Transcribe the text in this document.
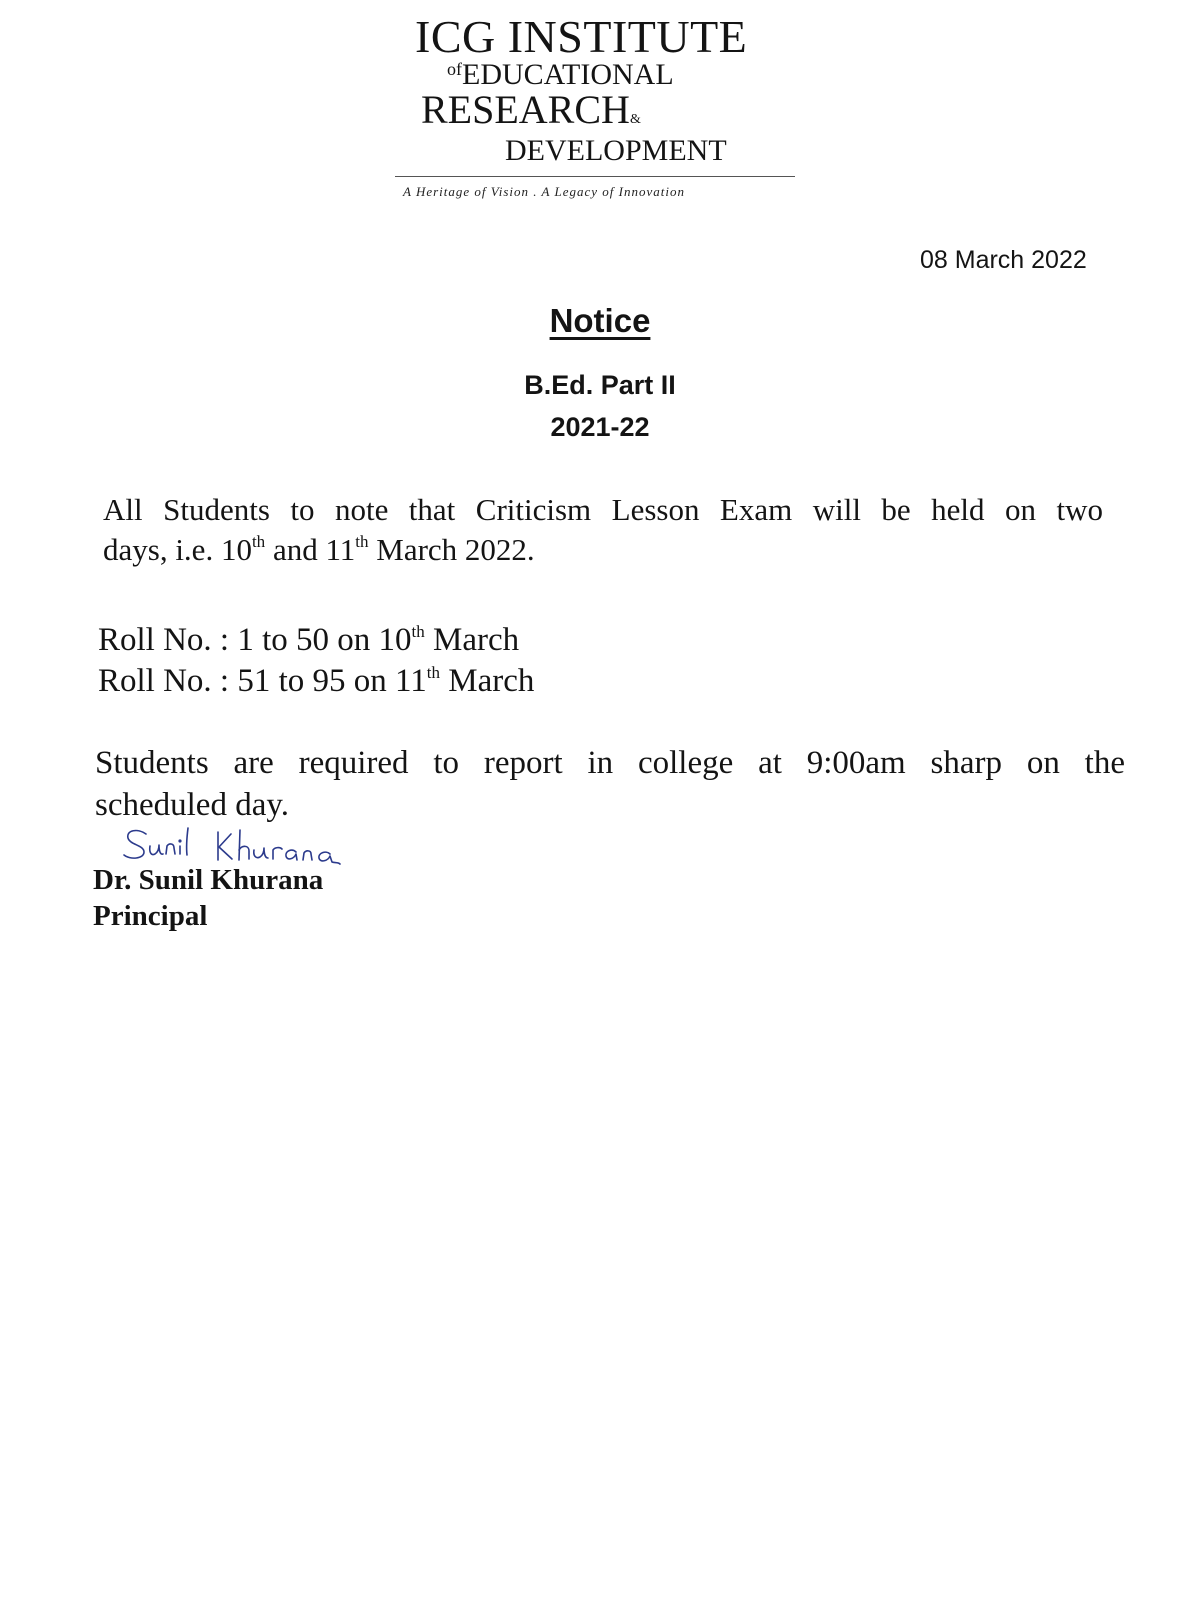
ICG INSTITUTE
$^{of}$EDUCATIONAL
RESEARCH&
DEVELOPMENT
A Heritage of Vision . A Legacy of Innovation
08 March 2022
Notice
B.Ed. Part II
2021-22
All Students to note that Criticism Lesson Exam will be held on two
days, i.e. 10th and 11th March 2022.
Roll No. : 1 to 50 on 10th March
Roll No. : 51 to 95 on 11th March
Students are required to report in college at 9:00am sharp on the
scheduled day.
Dr. Sunil Khurana
Principal
